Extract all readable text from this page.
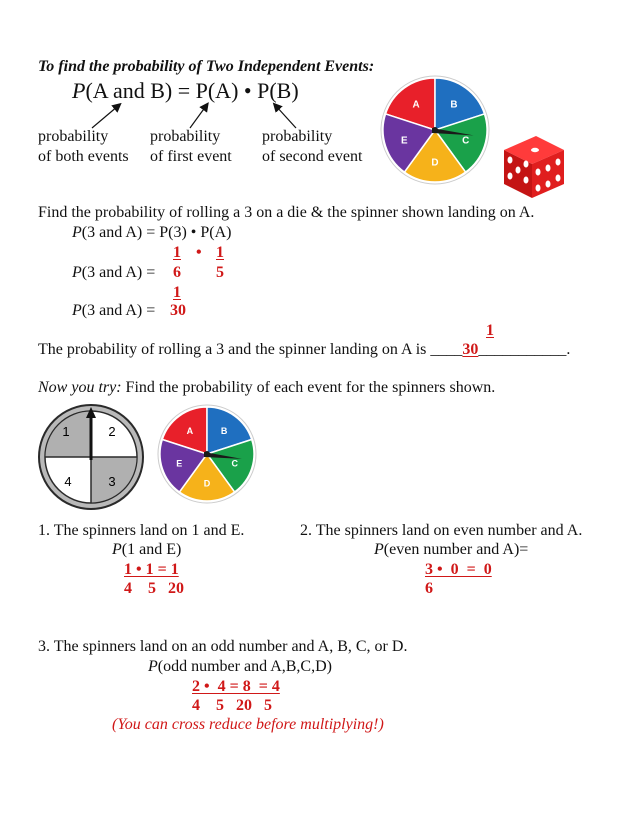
To find the probability of Two Independent Events:
P(A and B) = P(A) • P(B)
probability
of both events
probability
of first event
probability
of second event
A	B
C
D
E
Find the probability of rolling a 3 on a die & the spinner shown landing on A.
P(3 and A) = P(3) • P(A)
1 • 1
P(3 and A) = 6 5
1
P(3 and A) = 30
1
The probability of rolling a 3 and the spinner landing on A is ____30___________.
Now you try: Find the probability of each event for the spinners shown.
1	2
4	3
A	B
C
D
E
1. The spinners land on 1 and E.
P(1 and E)
1 • 1 = 1
4    5   20
2. The spinners land on even number and A.
P(even number and A)=
3 •  0  =  0
6
3. The spinners land on an odd number and A, B, C, or D.
P(odd number and A,B,C,D)
2 •  4 = 8  = 4
4    5   20   5
(You can cross reduce before multiplying!)
